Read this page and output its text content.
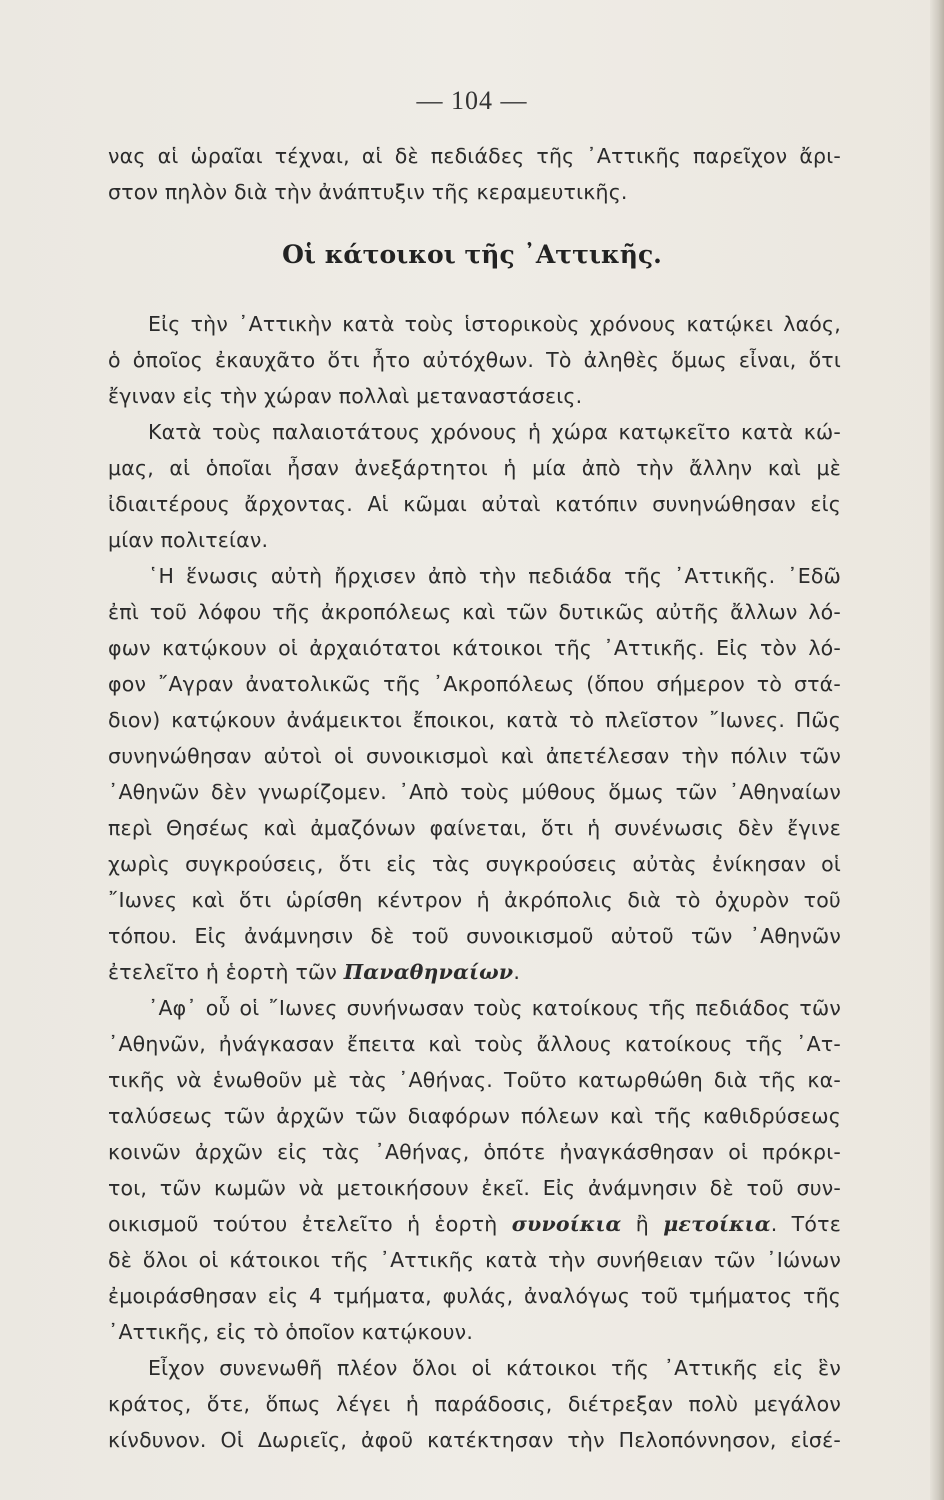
— 104 —
νας αἱ ὡραῖαι τέχναι, αἱ δὲ πεδιάδες τῆς ᾿Αττικῆς παρεῖχον ἄρι-
στον πηλὸν διὰ τὴν ἀνάπτυξιν τῆς κεραμευτικῆς.
Οἱ κάτοικοι τῆς ᾿Αττικῆς.
Εἰς τὴν ᾿Αττικὴν κατὰ τοὺς ἱστορικοὺς χρόνους κατῴκει λαός,
ὁ ὁποῖος ἐκαυχᾶτο ὅτι ἦτο αὐτόχθων. Τὸ ἀληθὲς ὅμως εἶναι, ὅτι
ἔγιναν εἰς τὴν χώραν πολλαὶ μεταναστάσεις.
Κατὰ τοὺς παλαιοτάτους χρόνους ἡ χώρα κατῳκεῖτο κατὰ κώ-
μας, αἱ ὁποῖαι ἦσαν ἀνεξάρτητοι ἡ μία ἀπὸ τὴν ἄλλην καὶ μὲ
ἰδιαιτέρους ἄρχοντας. Αἱ κῶμαι αὐταὶ κατόπιν συνηνώθησαν εἰς
μίαν πολιτείαν.
῾Η ἕνωσις αὐτὴ ἤρχισεν ἀπὸ τὴν πεδιάδα τῆς ᾿Αττικῆς. ᾿Εδῶ
ἐπὶ τοῦ λόφου τῆς ἀκροπόλεως καὶ τῶν δυτικῶς αὐτῆς ἄλλων λό-
φων κατῴκουν οἱ ἀρχαιότατοι κάτοικοι τῆς ᾿Αττικῆς. Εἰς τὸν λό-
φον ῎Αγραν ἀνατολικῶς τῆς ᾿Ακροπόλεως (ὅπου σήμερον τὸ στά-
διον) κατῴκουν ἀνάμεικτοι ἔποικοι, κατὰ τὸ πλεῖστον ῎Ιωνες. Πῶς
συνηνώθησαν αὐτοὶ οἱ συνοικισμοὶ καὶ ἀπετέλεσαν τὴν πόλιν τῶν
᾿Αθηνῶν δὲν γνωρίζομεν. ᾿Απὸ τοὺς μύθους ὅμως τῶν ᾿Αθηναίων
περὶ Θησέως καὶ ἀμαζόνων φαίνεται, ὅτι ἡ συνένωσις δὲν ἔγινε
χωρὶς συγκρούσεις, ὅτι εἰς τὰς συγκρούσεις αὐτὰς ἐνίκησαν οἱ
῎Ιωνες καὶ ὅτι ὡρίσθη κέντρον ἡ ἀκρόπολις διὰ τὸ ὀχυρὸν τοῦ
τόπου. Εἰς ἀνάμνησιν δὲ τοῦ συνοικισμοῦ αὐτοῦ τῶν ᾿Αθηνῶν
ἐτελεῖτο ἡ ἑορτὴ τῶν Παναθηναίων.
᾿Αφ᾽ οὗ οἱ ῎Ιωνες συνήνωσαν τοὺς κατοίκους τῆς πεδιάδος τῶν
᾿Αθηνῶν, ἠνάγκασαν ἔπειτα καὶ τοὺς ἄλλους κατοίκους τῆς ᾿Ατ-
τικῆς νὰ ἑνωθοῦν μὲ τὰς ᾿Αθήνας. Τοῦτο κατωρθώθη διὰ τῆς κα-
ταλύσεως τῶν ἀρχῶν τῶν διαφόρων πόλεων καὶ τῆς καθιδρύσεως
κοινῶν ἀρχῶν εἰς τὰς ᾿Αθήνας, ὁπότε ἠναγκάσθησαν οἱ πρόκρι-
τοι, τῶν κωμῶν νὰ μετοικήσουν ἐκεῖ. Εἰς ἀνάμνησιν δὲ τοῦ συν-
οικισμοῦ τούτου ἐτελεῖτο ἡ ἑορτὴ συνοίκια ἢ μετοίκια. Τότε
δὲ ὅλοι οἱ κάτοικοι τῆς ᾿Αττικῆς κατὰ τὴν συνήθειαν τῶν ᾿Ιώνων
ἐμοιράσθησαν εἰς 4 τμήματα, φυλάς, ἀναλόγως τοῦ τμήματος τῆς
᾿Αττικῆς, εἰς τὸ ὁποῖον κατῴκουν.
Εἶχον συνενωθῆ πλέον ὅλοι οἱ κάτοικοι τῆς ᾿Αττικῆς εἰς ἓν
κράτος, ὅτε, ὅπως λέγει ἡ παράδοσις, διέτρεξαν πολὺ μεγάλον
κίνδυνον. Οἱ Δωριεῖς, ἀφοῦ κατέκτησαν τὴν Πελοπόννησον, εἰσέ-
